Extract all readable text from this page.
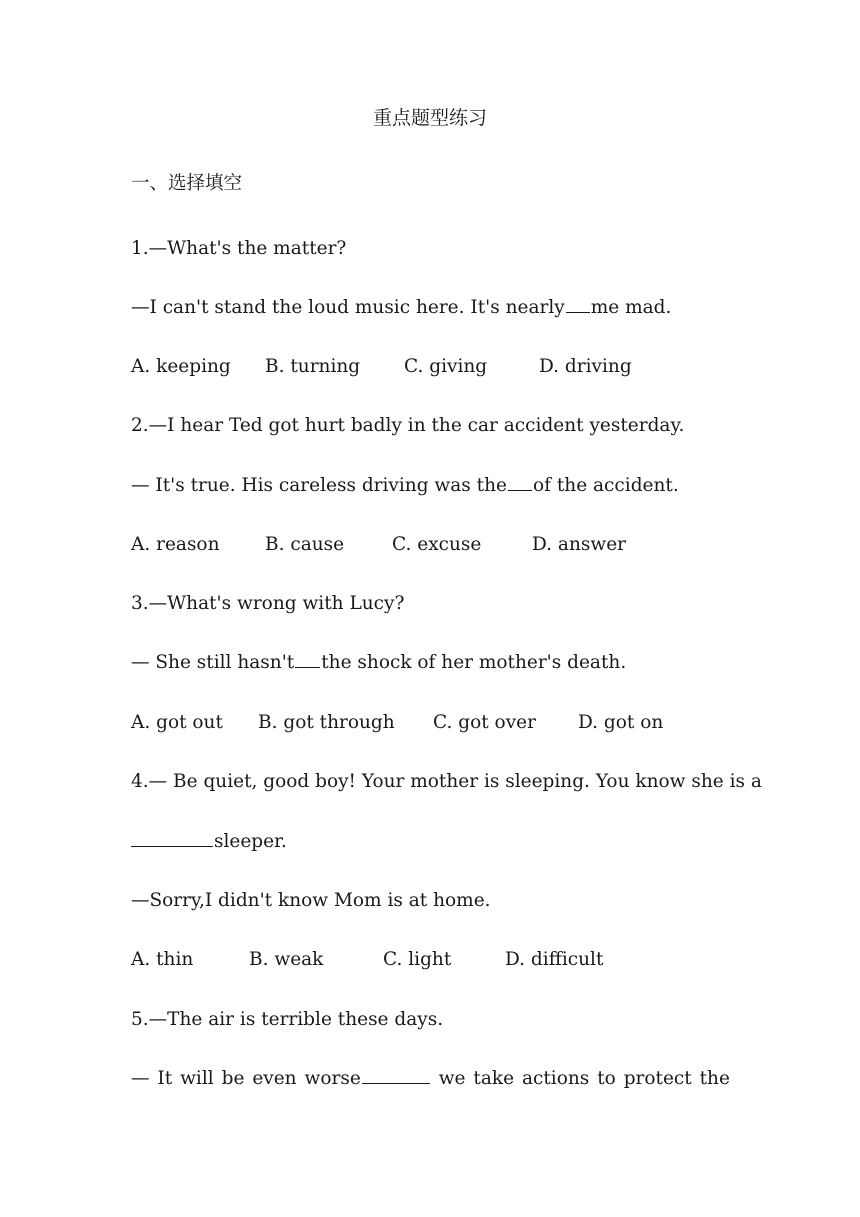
重点题型练习
一、选择填空
1.—What's the matter?
—I can't stand the loud music here. It's nearly me mad.
A. keeping B. turning C. giving	D. driving
2.—I hear Ted got hurt badly in the car accident yesterday.
— It's true. His careless driving was the of the accident.
A. reason B. cause	C. excuse	D. answer
3.—What's wrong with Lucy?
— She still hasn't the shock of her mother's death.
A. got out B. got through C. got over D. got on
4.— Be quiet, good boy! Your mother is sleeping. You know she is a
sleeper.
—Sorry,I didn't know Mom is at home.
A. thin	B. weak	C. light	D. difficult
5.—The air is terrible these days.
— It will be even worse	we take actions to protect the
